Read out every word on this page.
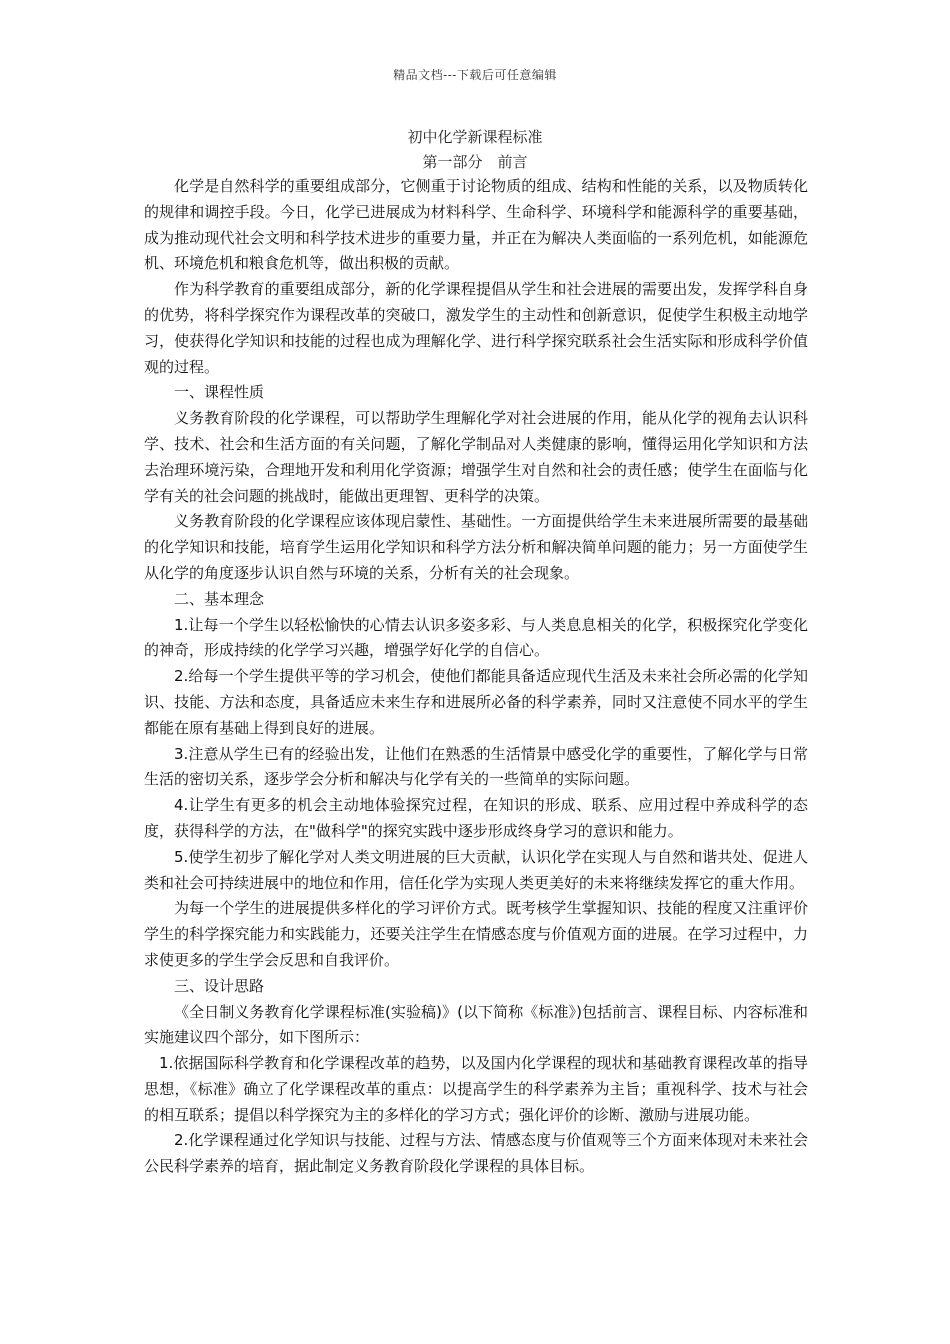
精品文档---下载后可任意编辑
初中化学新课程标准
第一部分　前言

化学是自然科学的重要组成部分，它侧重于讨论物质的组成、结构和性能的关系，以及物质转化的规律和调控手段。今日，化学已进展成为材料科学、生命科学、环境科学和能源科学的重要基础，成为推动现代社会文明和科学技术进步的重要力量，并正在为解决人类面临的一系列危机，如能源危机、环境危机和粮食危机等，做出积极的贡献。

作为科学教育的重要组成部分，新的化学课程提倡从学生和社会进展的需要出发，发挥学科自身的优势，将科学探究作为课程改革的突破口，激发学生的主动性和创新意识，促使学生积极主动地学习，使获得化学知识和技能的过程也成为理解化学、进行科学探究联系社会生活实际和形成科学价值观的过程。

一、课程性质

义务教育阶段的化学课程，可以帮助学生理解化学对社会进展的作用，能从化学的视角去认识科学、技术、社会和生活方面的有关问题，了解化学制品对人类健康的影响，懂得运用化学知识和方法去治理环境污染，合理地开发和利用化学资源；增强学生对自然和社会的责任感；使学生在面临与化学有关的社会问题的挑战时，能做出更理智、更科学的决策。

义务教育阶段的化学课程应该体现启蒙性、基础性。一方面提供给学生未来进展所需要的最基础的化学知识和技能，培育学生运用化学知识和科学方法分析和解决简单问题的能力；另一方面使学生从化学的角度逐步认识自然与环境的关系，分析有关的社会现象。

二、基本理念

1.让每一个学生以轻松愉快的心情去认识多姿多彩、与人类息息相关的化学，积极探究化学变化的神奇，形成持续的化学学习兴趣，增强学好化学的自信心。

2.给每一个学生提供平等的学习机会，使他们都能具备适应现代生活及未来社会所必需的化学知识、技能、方法和态度，具备适应未来生存和进展所必备的科学素养，同时又注意使不同水平的学生都能在原有基础上得到良好的进展。

3.注意从学生已有的经验出发，让他们在熟悉的生活情景中感受化学的重要性，了解化学与日常生活的密切关系，逐步学会分析和解决与化学有关的一些简单的实际问题。

4.让学生有更多的机会主动地体验探究过程，在知识的形成、联系、应用过程中养成科学的态度，获得科学的方法，在"做科学"的探究实践中逐步形成终身学习的意识和能力。

5.使学生初步了解化学对人类文明进展的巨大贡献，认识化学在实现人与自然和谐共处、促进人类和社会可持续进展中的地位和作用，信任化学为实现人类更美好的未来将继续发挥它的重大作用。

为每一个学生的进展提供多样化的学习评价方式。既考核学生掌握知识、技能的程度又注重评价学生的科学探究能力和实践能力，还要关注学生在情感态度与价值观方面的进展。在学习过程中，力求使更多的学生学会反思和自我评价。

三、设计思路

《全日制义务教育化学课程标准(实验稿)》(以下简称《标准》)包括前言、课程目标、内容标准和实施建议四个部分，如下图所示：

1.依据国际科学教育和化学课程改革的趋势，以及国内化学课程的现状和基础教育课程改革的指导思想，《标准》确立了化学课程改革的重点：以提高学生的科学素养为主旨；重视科学、技术与社会的相互联系；提倡以科学探究为主的多样化的学习方式；强化评价的诊断、激励与进展功能。

2.化学课程通过化学知识与技能、过程与方法、情感态度与价值观等三个方面来体现对未来社会公民科学素养的培育，据此制定义务教育阶段化学课程的具体目标。
